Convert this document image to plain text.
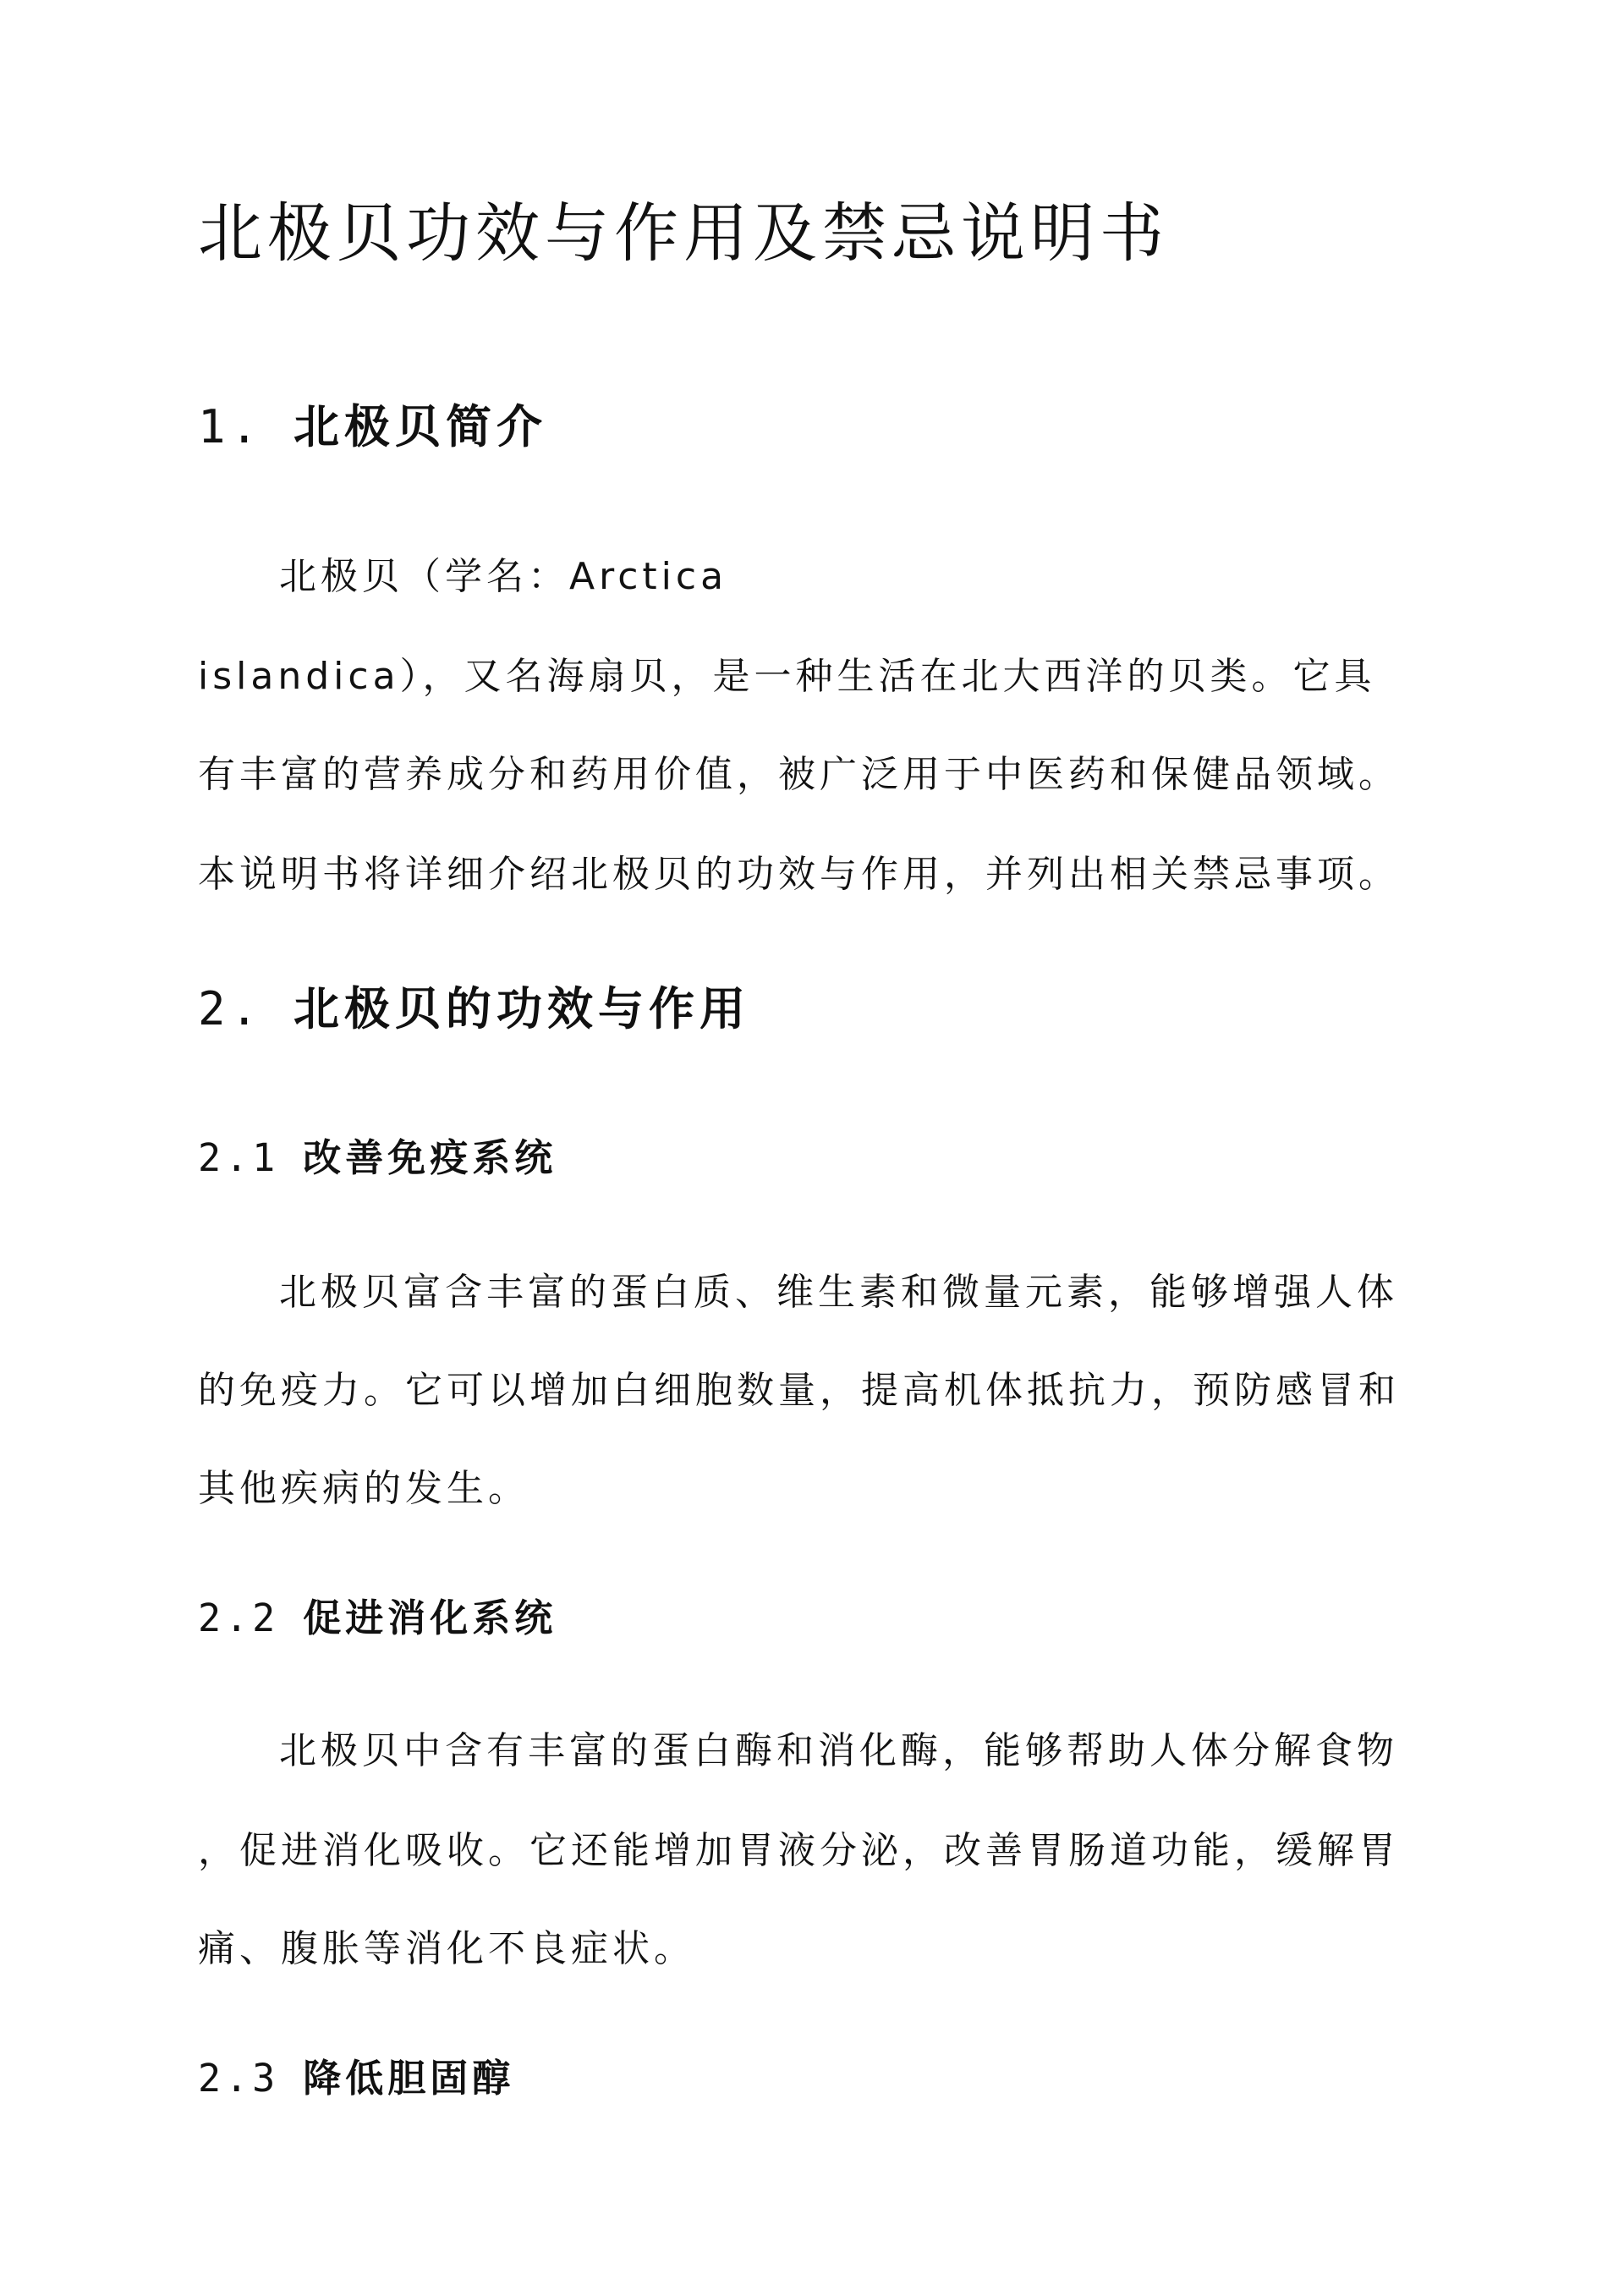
北极贝功效与作用及禁忌说明书
1. 北极贝简介
北极贝（学名：Arctica
islandica），又名海扇贝，是一种生活在北大西洋的贝类。它具
有丰富的营养成分和药用价值，被广泛用于中医药和保健品领域。
本说明书将详细介绍北极贝的功效与作用，并列出相关禁忌事项。
2. 北极贝的功效与作用
2.1 改善免疫系统
北极贝富含丰富的蛋白质、维生素和微量元素，能够增强人体
的免疫力。它可以增加白细胞数量，提高机体抵抗力，预防感冒和
其他疾病的发生。
2.2 促进消化系统
北极贝中含有丰富的蛋白酶和消化酶，能够帮助人体分解食物
，促进消化吸收。它还能增加胃液分泌，改善胃肠道功能，缓解胃
痛、腹胀等消化不良症状。
2.3 降低胆固醇
